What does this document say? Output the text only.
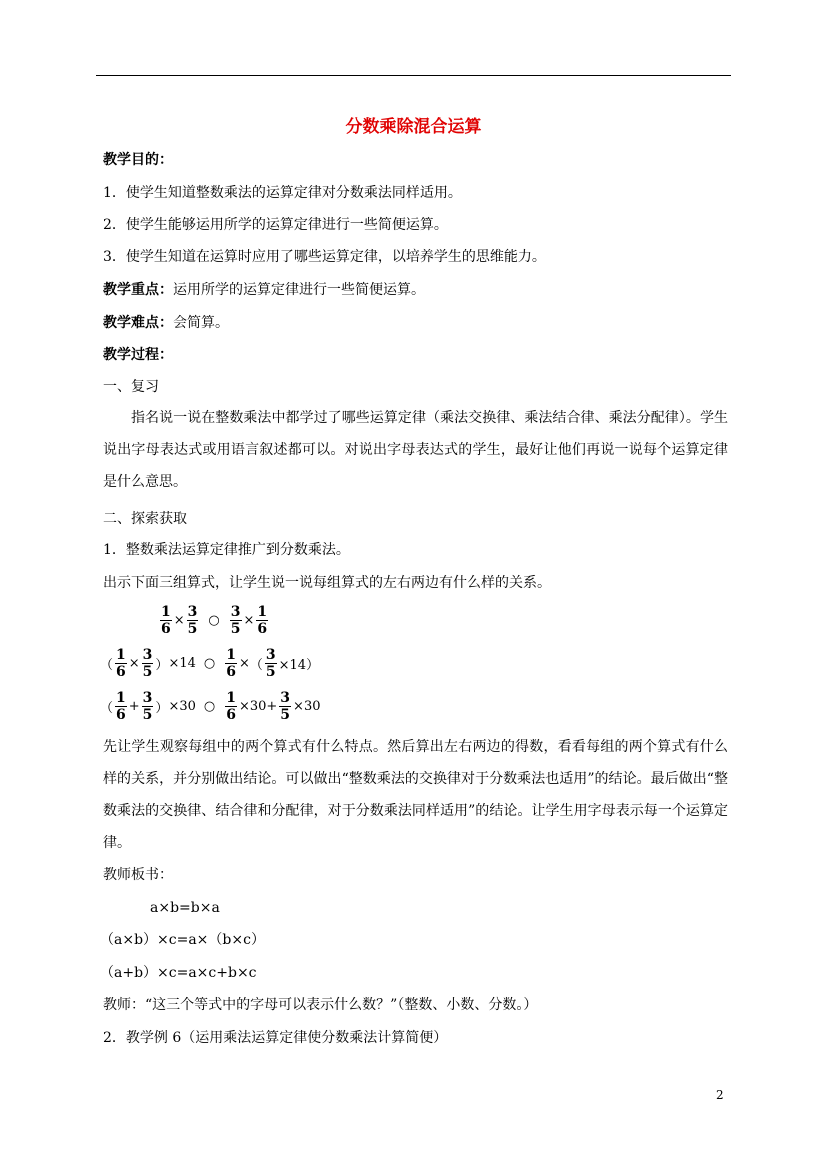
分数乘除混合运算
教学目的：
1．使学生知道整数乘法的运算定律对分数乘法同样适用。
2．使学生能够运用所学的运算定律进行一些简便运算。
3．使学生知道在运算时应用了哪些运算定律，以培养学生的思维能力。
教学重点：运用所学的运算定律进行一些简便运算。
教学难点：会简算。
教学过程：
一、复习
指名说一说在整数乘法中都学过了哪些运算定律（乘法交换律、乘法结合律、乘法分配律）。学生说出字母表达式或用语言叙述都可以。对说出字母表达式的学生，最好让他们再说一说每个运算定律是什么意思。
二、探索获取
1．整数乘法运算定律推广到分数乘法。
出示下面三组算式，让学生说一说每组算式的左右两边有什么样的关系。
$\frac{1}{6} \times \frac{3}{5}$ ○ $\frac{3}{5} \times \frac{1}{6}$
（ $\frac{1}{6} \times \frac{3}{5}$ ） ×14 ○ $\frac{1}{6}$ × （ $\frac{3}{5} \times 14$）
（ $\frac{1}{6} + \frac{3}{5}$ ） ×30 ○ $\frac{1}{6} \times 30+ \frac{3}{5} \times 30$
先让学生观察每组中的两个算式有什么特点。然后算出左右两边的得数，看看每组的两个算式有什么样的关系，并分别做出结论。可以做出“整数乘法的交换律对于分数乘法也适用”的结论。最后做出“整数乘法的交换律、结合律和分配律，对于分数乘法同样适用”的结论。让学生用字母表示每一个运算定律。
教师板书：
a×b=b×a
（a×b）×c=a×（b×c）
（a+b）×c=a×c+b×c
教师：“这三个等式中的字母可以表示什么数？”（整数、小数、分数。）
2．教学例 6（运用乘法运算定律使分数乘法计算简便）
2
